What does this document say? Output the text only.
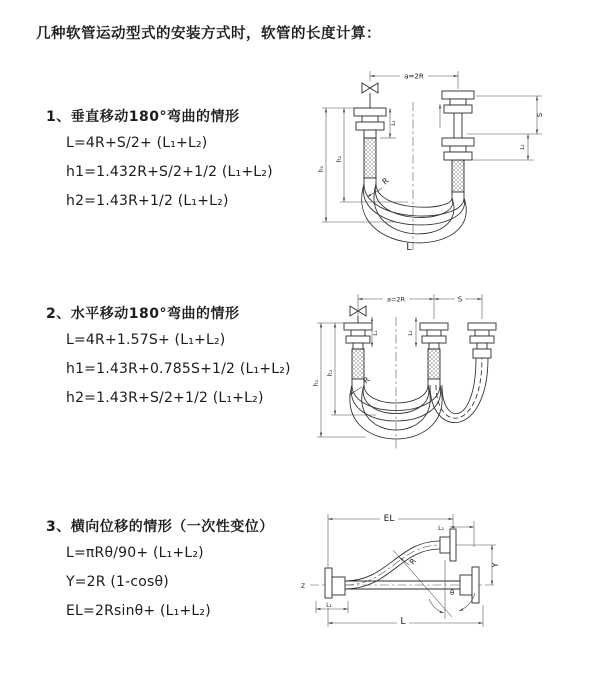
几种软管运动型式的安装方式时，软管的长度计算：
1、垂直移动180°弯曲的情形
L=4R+S/2+ (L₁+L₂)
h1=1.432R+S/2+1/2 (L₁+L₂)
h2=1.43R+1/2 (L₁+L₂)
2、水平移动180°弯曲的情形
L=4R+1.57S+ (L₁+L₂)
h1=1.43R+0.785S+1/2 (L₁+L₂)
h2=1.43R+S/2+1/2 (L₁+L₂)
3、横向位移的情形（一次性变位）
L=πRθ/90+ (L₁+L₂)
Y=2R (1-cosθ)
EL=2Rsinθ+ (L₁+L₂)
a=2R
h₁
h₂
L₁
S
L₂
R
L
a=2R	S
h₁
h₂
L₁	L₂
R
Z
EL
L₂
Y
L
L₁
θ
R
